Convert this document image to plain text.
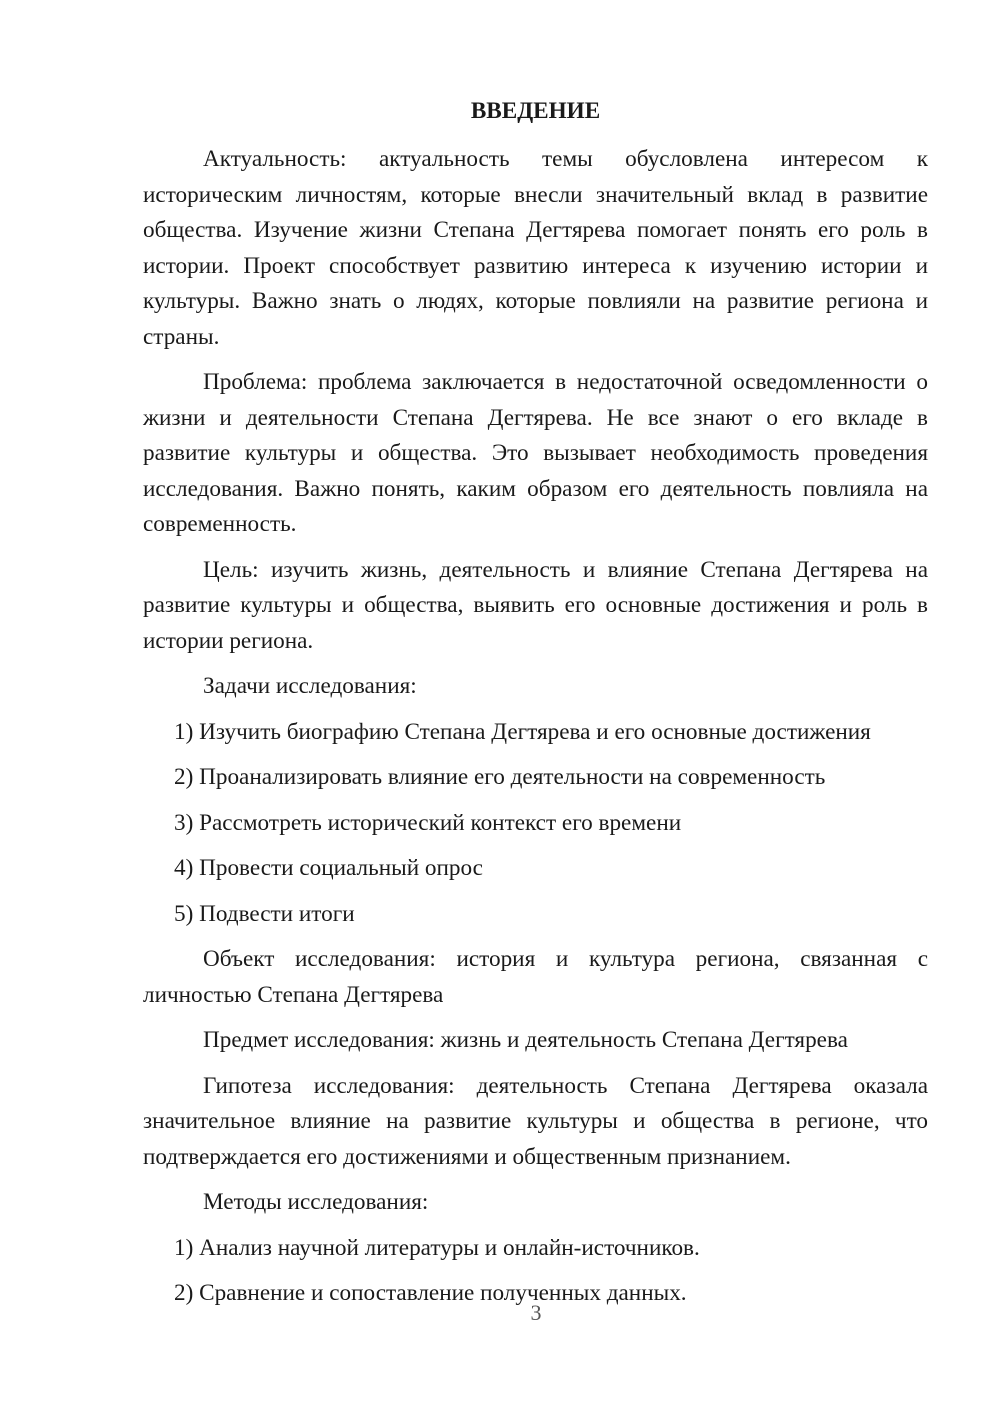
ВВЕДЕНИЕ

Актуальность: актуальность темы обусловлена интересом к историческим личностям, которые внесли значительный вклад в развитие общества. Изучение жизни Степана Дегтярева помогает понять его роль в истории. Проект способствует развитию интереса к изучению истории и культуры. Важно знать о людях, которые повлияли на развитие региона и страны.

Проблема: проблема заключается в недостаточной осведомленности о жизни и деятельности Степана Дегтярева. Не все знают о его вкладе в развитие культуры и общества. Это вызывает необходимость проведения исследования. Важно понять, каким образом его деятельность повлияла на современность.

Цель: изучить жизнь, деятельность и влияние Степана Дегтярева на развитие культуры и общества, выявить его основные достижения и роль в истории региона.

Задачи исследования:

1) Изучить биографию Степана Дегтярева и его основные достижения

2) Проанализировать влияние его деятельности на современность

3) Рассмотреть исторический контекст его времени

4) Провести социальный опрос

5) Подвести итоги

Объект исследования: история и культура региона, связанная с личностью Степана Дегтярева

Предмет исследования: жизнь и деятельность Степана Дегтярева

Гипотеза исследования: деятельность Степана Дегтярева оказала значительное влияние на развитие культуры и общества в регионе, что подтверждается его достижениями и общественным признанием.

Методы исследования:

1) Анализ научной литературы и онлайн-источников.

2) Сравнение и сопоставление полученных данных.

3
